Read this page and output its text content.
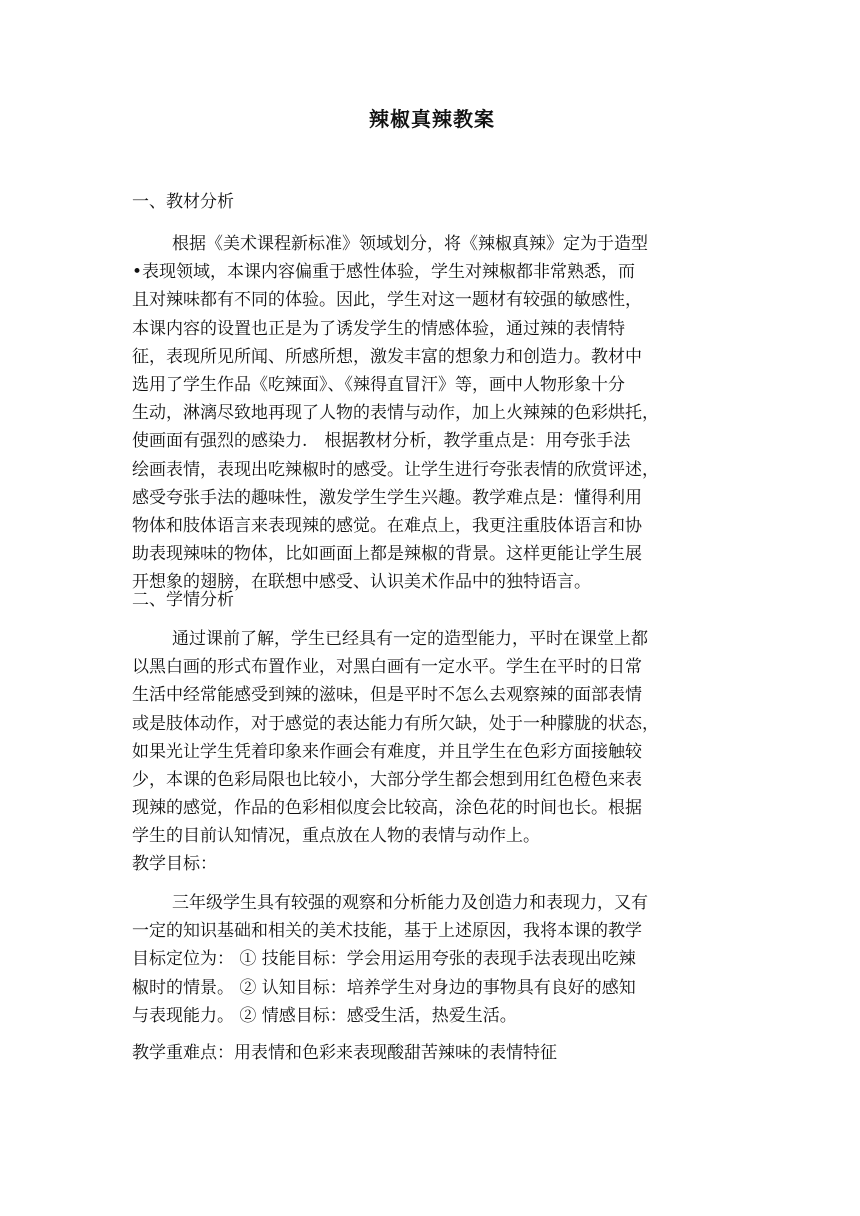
辣椒真辣教案
一、教材分析
根据《美术课程新标准》领域划分，将《辣椒真辣》定为于造型
•表现领域，本课内容偏重于感性体验，学生对辣椒都非常熟悉，而
且对辣味都有不同的体验。因此，学生对这一题材有较强的敏感性，
本课内容的设置也正是为了诱发学生的情感体验，通过辣的表情特
征，表现所见所闻、所感所想，激发丰富的想象力和创造力。教材中
选用了学生作品《吃辣面》、《辣得直冒汗》等，画中人物形象十分
生动，淋漓尽致地再现了人物的表情与动作，加上火辣辣的色彩烘托，
使画面有强烈的感染力.　根据教材分析，教学重点是：用夸张手法
绘画表情，表现出吃辣椒时的感受。让学生进行夸张表情的欣赏评述，
感受夸张手法的趣味性，激发学生学生兴趣。教学难点是：懂得利用
物体和肢体语言来表现辣的感觉。在难点上，我更注重肢体语言和协
助表现辣味的物体，比如画面上都是辣椒的背景。这样更能让学生展
开想象的翅膀，在联想中感受、认识美术作品中的独特语言。
二、学情分析
通过课前了解，学生已经具有一定的造型能力，平时在课堂上都
以黑白画的形式布置作业，对黑白画有一定水平。学生在平时的日常
生活中经常能感受到辣的滋味，但是平时不怎么去观察辣的面部表情
或是肢体动作，对于感觉的表达能力有所欠缺，处于一种朦胧的状态，
如果光让学生凭着印象来作画会有难度，并且学生在色彩方面接触较
少，本课的色彩局限也比较小，大部分学生都会想到用红色橙色来表
现辣的感觉，作品的色彩相似度会比较高，涂色花的时间也长。根据
学生的目前认知情况，重点放在人物的表情与动作上。
教学目标：
三年级学生具有较强的观察和分析能力及创造力和表现力，又有
一定的知识基础和相关的美术技能，基于上述原因，我将本课的教学
目标定位为： ① 技能目标：学会用运用夸张的表现手法表现出吃辣
椒时的情景。 ② 认知目标：培养学生对身边的事物具有良好的感知
与表现能力。 ② 情感目标：感受生活，热爱生活。
教学重难点：用表情和色彩来表现酸甜苦辣味的表情特征
